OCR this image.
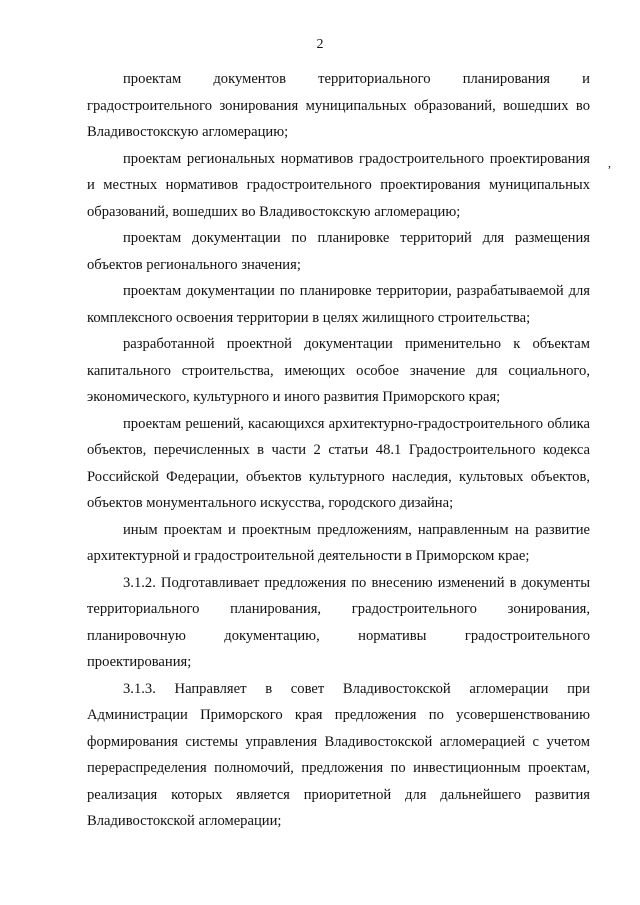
2
,

проектам документов территориального планирования и градостроительного зонирования муниципальных образований, вошедших во Владивостокскую агломерацию;

проектам региональных нормативов градостроительного проектирования и местных нормативов градостроительного проектирования муниципальных образований, вошедших во Владивостокскую агломерацию;

проектам документации по планировке территорий для размещения объектов регионального значения;

проектам документации по планировке территории, разрабатываемой для комплексного освоения территории в целях жилищного строительства;

разработанной проектной документации применительно к объектам капитального строительства, имеющих особое значение для социального, экономического, культурного и иного развития Приморского края;

проектам решений, касающихся архитектурно-градостроительного облика объектов, перечисленных в части 2 статьи 48.1 Градостроительного кодекса Российской Федерации, объектов культурного наследия, культовых объектов, объектов монументального искусства, городского дизайна;

иным проектам и проектным предложениям, направленным на развитие архитектурной и градостроительной деятельности в Приморском крае;

3.1.2. Подготавливает предложения по внесению изменений в документы территориального планирования, градостроительного зонирования, планировочную документацию, нормативы градостроительного проектирования;

3.1.3. Направляет в совет Владивостокской агломерации при Администрации Приморского края предложения по усовершенствованию формирования системы управления Владивостокской агломерацией с учетом перераспределения полномочий, предложения по инвестиционным проектам, реализация которых является приоритетной для дальнейшего развития Владивостокской агломерации;
